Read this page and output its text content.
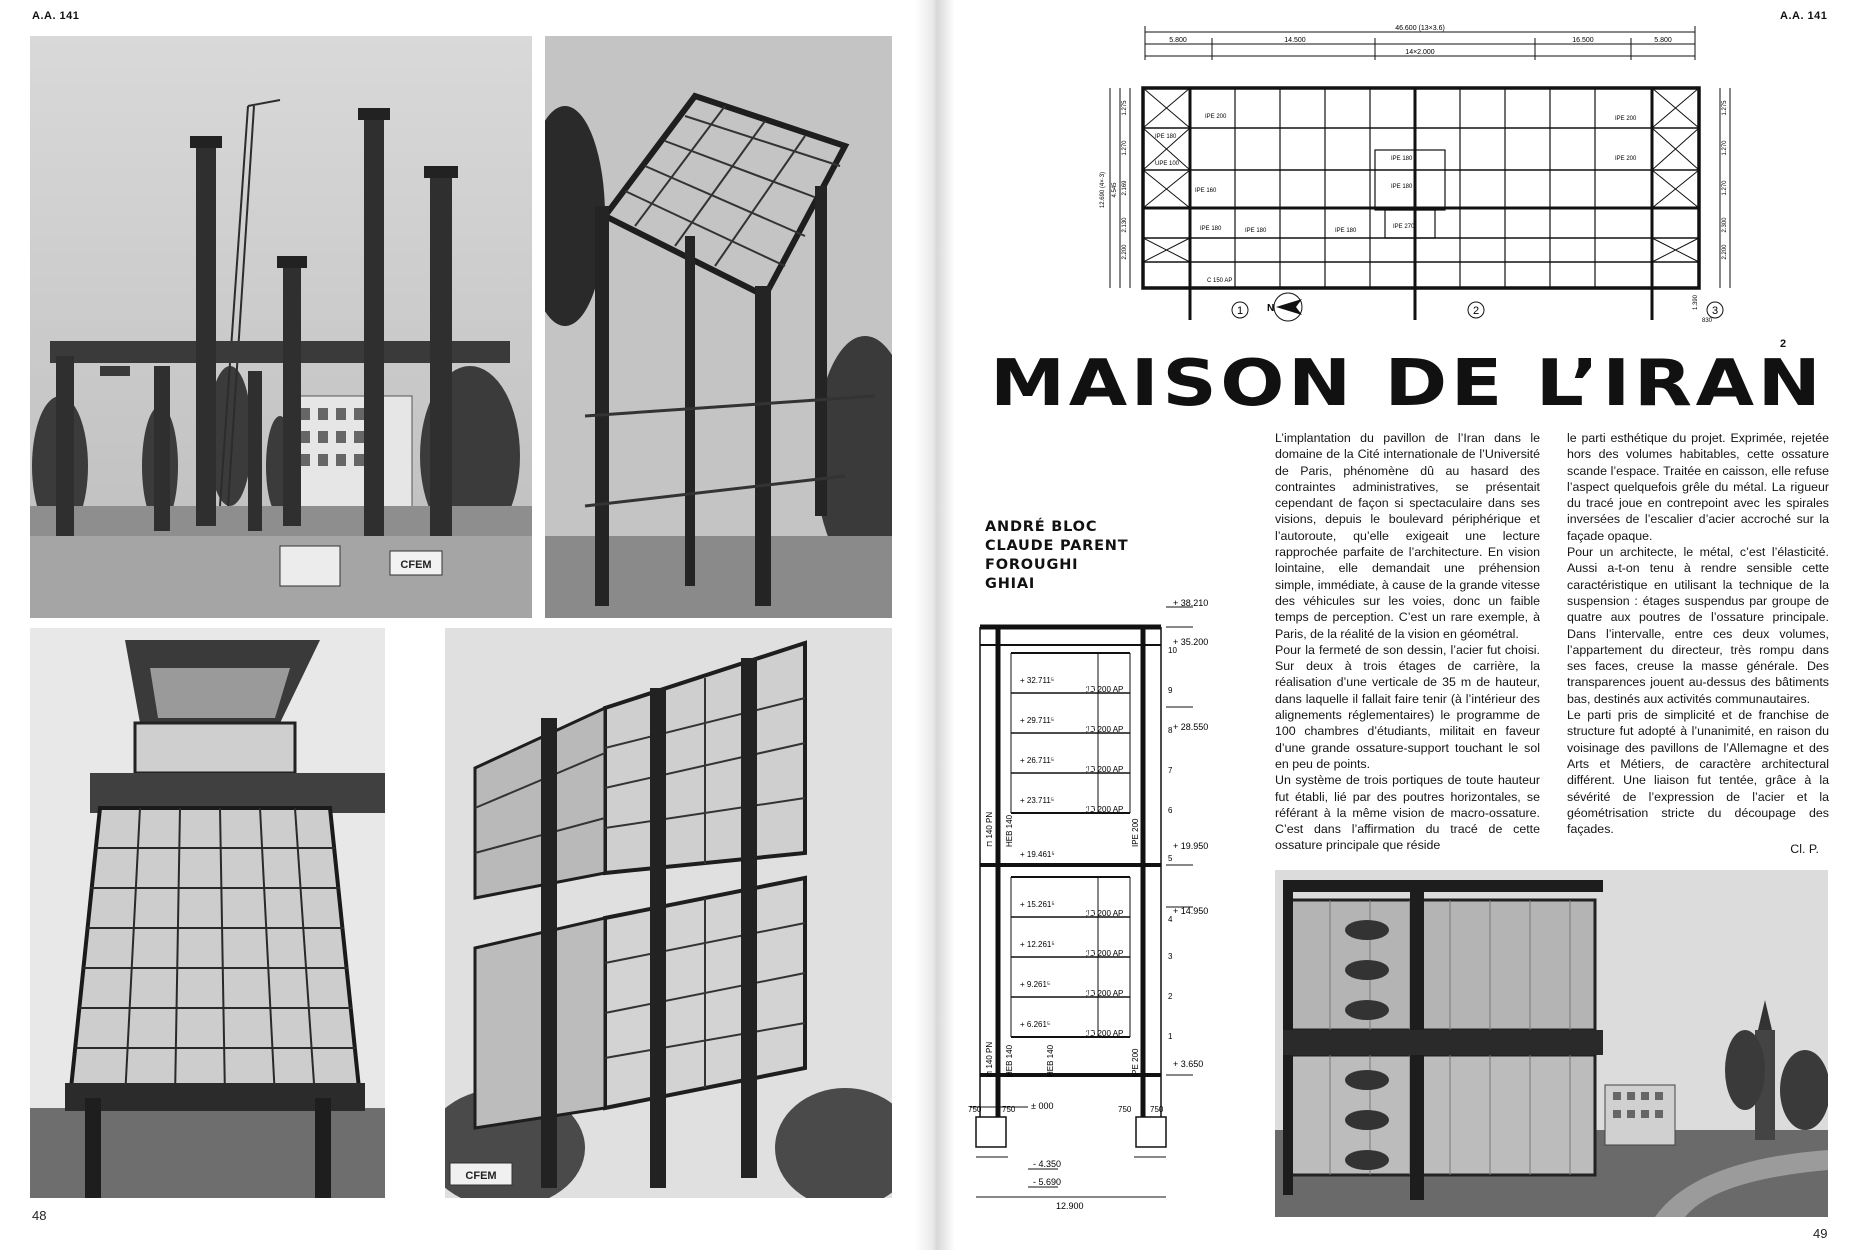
A.A. 141
CFEM
CFEM
48
A.A. 141
49
46.600 (13×3.6)
5.800	14.500
14×2.000
16.500	5.800
IPE 200
IPE 180
IPE 180
UPE 100
IPE 180
IPE 160
IPE 180	IPE 270
IPE 180
IPE 180
IPE 200
IPE 200
C 150 AP
12.690 (4×·3)
1.275
1.270
2.169
2.130
2.200
4.545
1.275
1.270
1.270
2.300
2.200
1	2	3
N	1.390
830
2
MAISON DE L’IRAN
ANDRÉ BLOC
CLAUDE PARENT
FOROUGHI
GHIAI

L’implantation du pavillon de l’Iran dans le domaine de la Cité internationale de l’Université de Paris, phénomène dû au hasard des contraintes administratives, se présentait cependant de façon si spectaculaire dans ses visions, depuis le boulevard périphérique et l’autoroute, qu’elle exigeait une lecture rapprochée parfaite de l’architecture. En vision lointaine, elle demandait une préhension simple, immédiate, à cause de la grande vitesse des véhicules sur les voies, donc un faible temps de perception. C’est un rare exemple, à Paris, de la réalité de la vision en géométral.

Pour la fermeté de son dessin, l’acier fut choisi. Sur deux à trois étages de carrière, la réalisation d’une verticale de 35 m de hauteur, dans laquelle il fallait faire tenir (à l’intérieur des alignements réglementaires) le programme de 100 chambres d’étudiants, militait en faveur d’une grande ossature-support touchant le sol en peu de points.

Un système de trois portiques de toute hauteur fut établi, lié par des poutres horizontales, se référant à la même vision de macro-ossature. C’est dans l’affirmation du tracé de cette ossature principale que réside

le parti esthétique du projet. Exprimée, rejetée hors des volumes habitables, cette ossature scande l’espace. Traitée en caisson, elle refuse l’aspect quelquefois grêle du métal. La rigueur du tracé joue en contrepoint avec les spirales inversées de l’escalier d’acier accroché sur la façade opaque.

Pour un architecte, le métal, c’est l’élasticité. Aussi a-t-on tenu à rendre sensible cette caractéristique en utilisant la technique de la suspension : étages suspendus par groupe de quatre aux poutres de l’ossature principale. Dans l’intervalle, entre ces deux volumes, l’appartement du directeur, très rompu dans ses faces, creuse la masse générale. Des transparences jouent au-dessus des bâtiments bas, destinés aux activités communautaires.

Le parti pris de simplicité et de franchise de structure fut adopté à l’unanimité, en raison du voisinage des pavillons de l’Allemagne et des Arts et Métiers, de caractère architectural différent. Une liaison fut tentée, grâce à la sévérité de l’expression de l’acier et la géométrisation stricte du découpage des façades.

Cl. P.

+ 38.210
+ 35.200
+ 28.550
+ 19.950
+ 14.950
+ 3.650
± 000
- 4.350
- 5.690
+ 32.711⁵
+ 29.711⁵
+ 26.711⁵
+ 23.711⁵
+ 19.461⁵
+ 15.261⁵
+ 12.261⁵
+ 9.261⁵
+ 6.261⁵
ℐℑ 200 AP
ℐℑ 200 AP
ℐℑ 200 AP
ℐℑ 200 AP
ℐℑ 200 AP
ℐℑ 200 AP
ℐℑ 200 AP
ℐℑ 200 AP
10
9
8
7
6
5
4
3
2
1
⊓ 140 PN HEB 140	IPE 200
⊓ 140 PN HEB 140	HEB 140	IPE 200
750	750	750 750
12.900
